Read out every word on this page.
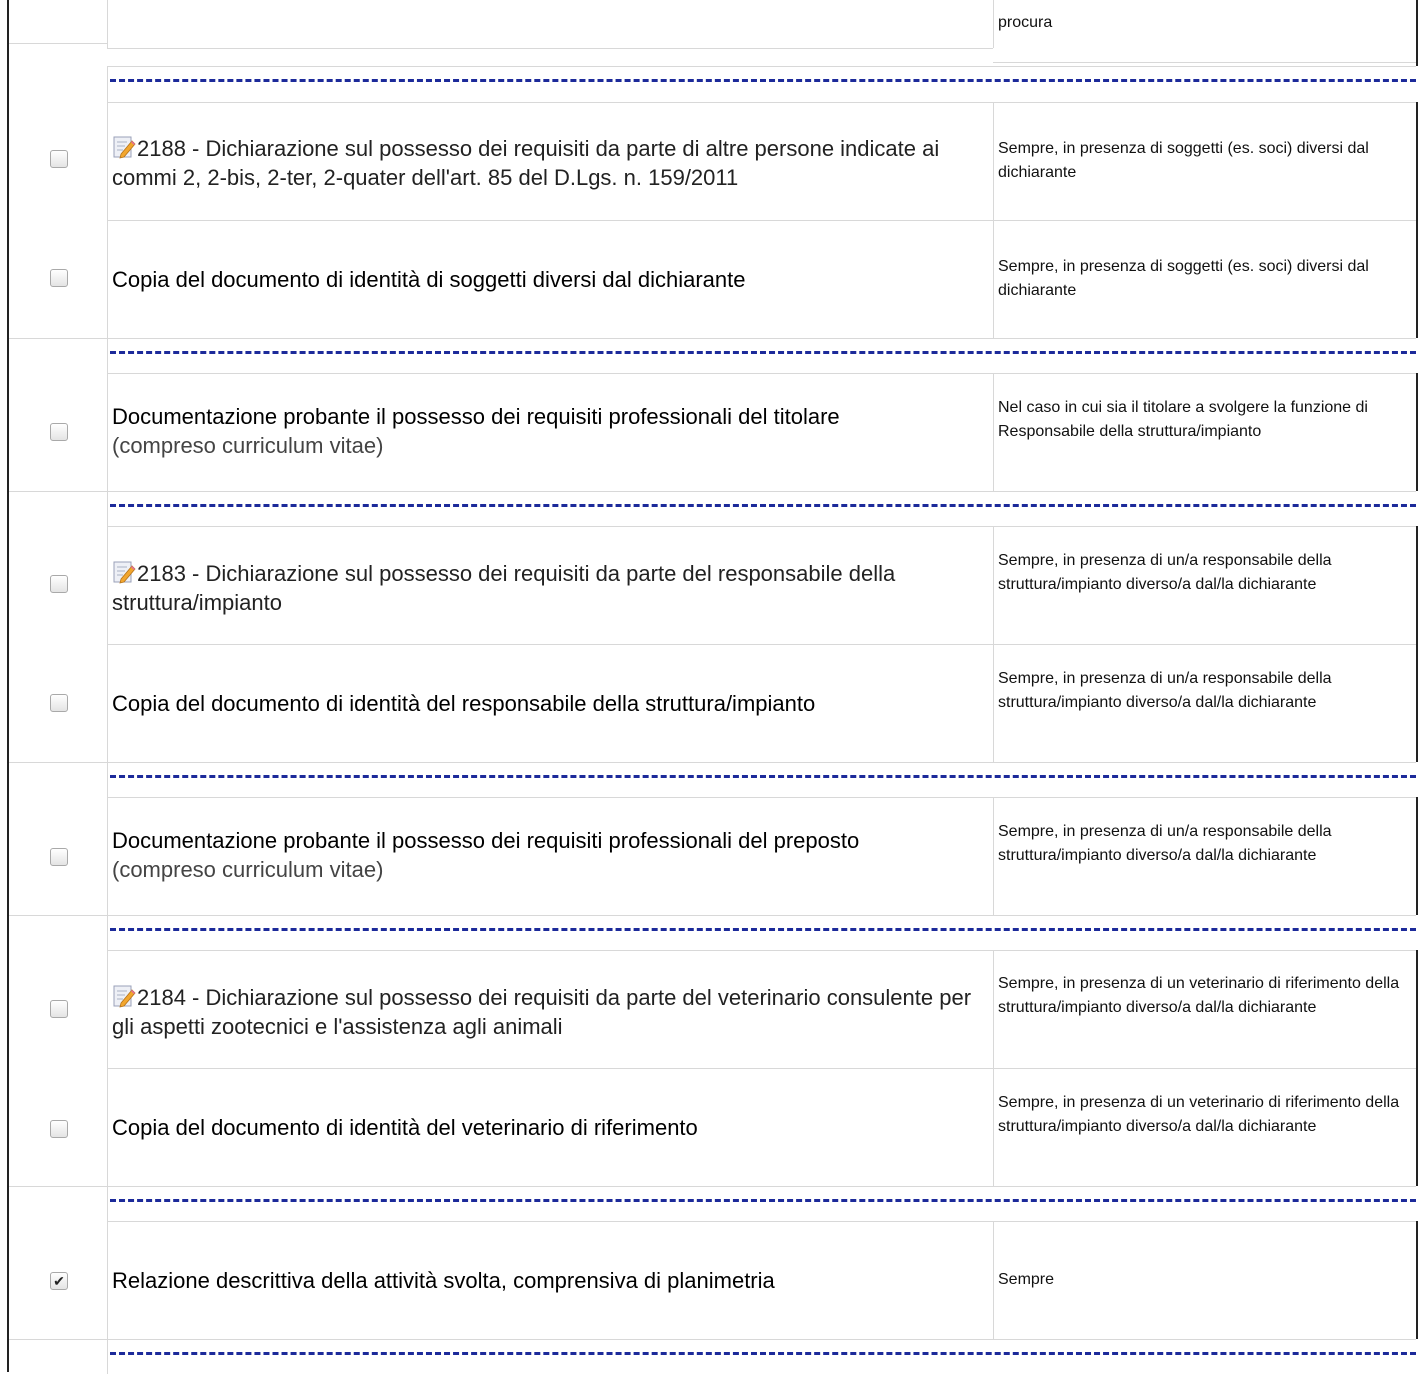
procura
2188 - Dichiarazione sul possesso dei requisiti da parte di altre persone indicate ai commi 2, 2-bis, 2-ter, 2-quater dell'art. 85 del D.Lgs. n. 159/2011
Sempre, in presenza di soggetti (es. soci) diversi dal dichiarante
Copia del documento di identità di soggetti diversi dal dichiarante
Sempre, in presenza di soggetti (es. soci) diversi dal dichiarante
Documentazione probante il possesso dei requisiti professionali del titolare
(compreso curriculum vitae)
Nel caso in cui sia il titolare a svolgere la funzione di Responsabile della struttura/impianto
2183 - Dichiarazione sul possesso dei requisiti da parte del responsabile della struttura/impianto
Sempre, in presenza di un/a responsabile della struttura/impianto diverso/a dal/la dichiarante
Copia del documento di identità del responsabile della struttura/impianto
Sempre, in presenza di un/a responsabile della struttura/impianto diverso/a dal/la dichiarante
Documentazione probante il possesso dei requisiti professionali del preposto
(compreso curriculum vitae)
Sempre, in presenza di un/a responsabile della struttura/impianto diverso/a dal/la dichiarante
2184 - Dichiarazione sul possesso dei requisiti da parte del veterinario consulente per gli aspetti zootecnici e l'assistenza agli animali
Sempre, in presenza di un veterinario di riferimento della struttura/impianto diverso/a dal/la dichiarante
Copia del documento di identità del veterinario di riferimento
Sempre, in presenza di un veterinario di riferimento della struttura/impianto diverso/a dal/la dichiarante
✔ Relazione descrittiva della attività svolta, comprensiva di planimetria	Sempre
